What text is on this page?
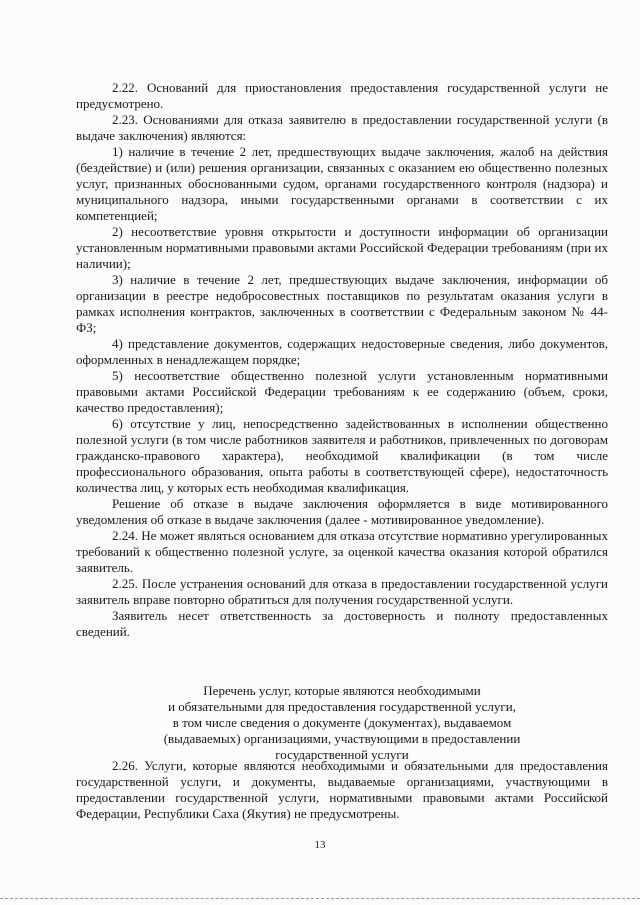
2.22. Оснований для приостановления предоставления государственной услуги не предусмотрено.

2.23. Основаниями для отказа заявителю в предоставлении государственной услуги (в выдаче заключения) являются:

1) наличие в течение 2 лет, предшествующих выдаче заключения, жалоб на действия (бездействие) и (или) решения организации, связанных с оказанием ею общественно полезных услуг, признанных обоснованными судом, органами государственного контроля (надзора) и муниципального надзора, иными государственными органами в соответствии с их компетенцией;

2) несоответствие уровня открытости и доступности информации об организации установленным нормативными правовыми актами Российской Федерации требованиям (при их наличии);

3) наличие в течение 2 лет, предшествующих выдаче заключения, информации об организации в реестре недобросовестных поставщиков по результатам оказания услуги в рамках исполнения контрактов, заключенных в соответствии с Федеральным законом № 44-ФЗ;

4) представление документов, содержащих недостоверные сведения, либо документов, оформленных в ненадлежащем порядке;

5) несоответствие общественно полезной услуги установленным нормативными правовыми актами Российской Федерации требованиям к ее содержанию (объем, сроки, качество предоставления);

6) отсутствие у лиц, непосредственно задействованных в исполнении общественно полезной услуги (в том числе работников заявителя и работников, привлеченных по договорам гражданско-правового характера), необходимой квалификации (в том числе профессионального образования, опыта работы в соответствующей сфере), недостаточность количества лиц, у которых есть необходимая квалификация.

Решение об отказе в выдаче заключения оформляется в виде мотивированного уведомления об отказе в выдаче заключения (далее - мотивированное уведомление).

2.24. Не может являться основанием для отказа отсутствие нормативно урегулированных требований к общественно полезной услуге, за оценкой качества оказания которой обратился заявитель.

2.25. После устранения оснований для отказа в предоставлении государственной услуги заявитель вправе повторно обратиться для получения государственной услуги.

Заявитель несет ответственность за достоверность и полноту предоставленных сведений.

Перечень услуг, которые являются необходимыми
и обязательными для предоставления государственной услуги,
в том числе сведения о документе (документах), выдаваемом
(выдаваемых) организациями, участвующими в предоставлении
государственной услуги

2.26. Услуги, которые являются необходимыми и обязательными для предоставления государственной услуги, и документы, выдаваемые организациями, участвующими в предоставлении государственной услуги, нормативными правовыми актами Российской Федерации, Республики Саха (Якутия) не предусмотрены.

13
